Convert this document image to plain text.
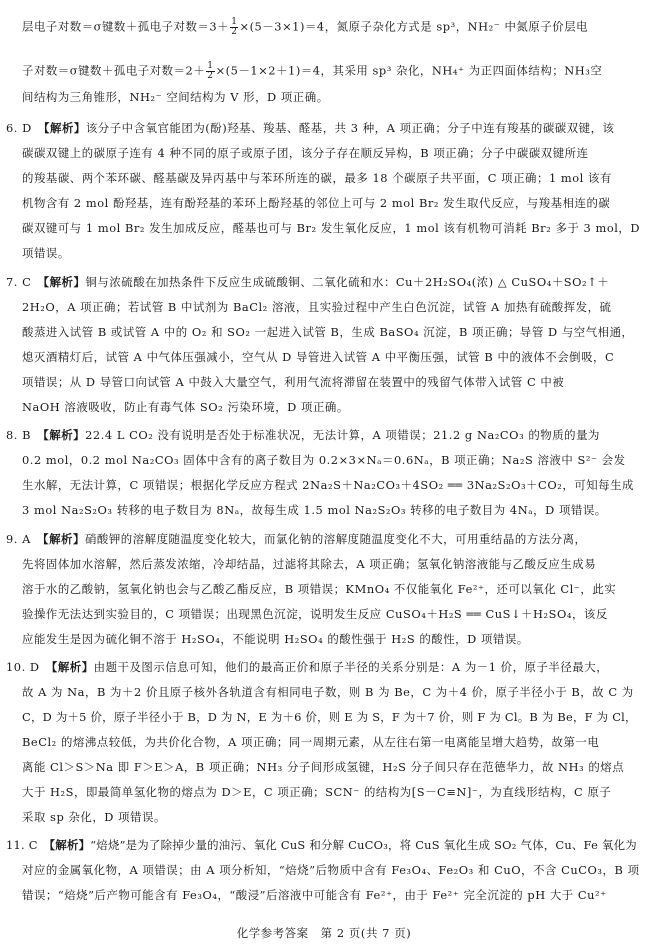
层电子对数＝σ键数＋孤电子对数$=3+ \frac{1}{2} \times(5-3\times 1)=4$，氮原子杂化方式是 sp³，NH₂⁻ 中氮原子价层电
子对数＝σ键数＋孤电子对数$=2+ \frac{1}{2} \times(5-1\times 2+1)=4$，其采用 sp³ 杂化，NH₄⁺ 为正四面体结构；NH₃空
间结构为三角锥形，NH₂⁻ 空间结构为 V 形，D 项正确。
6. D　 【解析】该分子中含氧官能团为(酚)羟基、羧基、醛基，共 3 种，A 项正确；分子中连有羧基的碳碳双键，该
碳碳双键上的碳原子连有 4 种不同的原子或原子团，该分子存在顺反异构，B 项正确；分子中碳碳双键所连
的羧基碳、两个苯环碳、醛基碳及异丙基中与苯环所连的碳，最多 18 个碳原子共平面，C 项正确；1 mol 该有
机物含有 2 mol 酚羟基，连有酚羟基的苯环上酚羟基的邻位上可与 2 mol Br₂ 发生取代反应，与羧基相连的碳
碳双键可与 1 mol Br₂ 发生加成反应，醛基也可与 Br₂ 发生氧化反应，1 mol 该有机物可消耗 Br₂ 多于 3 mol，D
项错误。
7. C　 【解析】铜与浓硫酸在加热条件下反应生成硫酸铜、二氧化硫和水：Cu＋2H₂SO₄(浓) △ CuSO₄＋SO₂↑＋
2H₂O，A 项正确；若试管 B 中试剂为 BaCl₂ 溶液，且实验过程中产生白色沉淀，试管 A 加热有硫酸挥发，硫
酸蒸进入试管 B 或试管 A 中的 O₂ 和 SO₂ 一起进入试管 B，生成 BaSO₄ 沉淀，B 项正确；导管 D 与空气相通，
熄灭酒精灯后，试管 A 中气体压强减小，空气从 D 导管进入试管 A 中平衡压强，试管 B 中的液体不会倒吸，C
项错误；从 D 导管口向试管 A 中鼓入大量空气，利用气流将滞留在装置中的残留气体带入试管 C 中被
NaOH 溶液吸收，防止有毒气体 SO₂ 污染环境，D 项正确。
8. B　 【解析】22.4 L CO₂ 没有说明是否处于标准状况，无法计算，A 项错误；21.2 g Na₂CO₃ 的物质的量为
0.2 mol，0.2 mol Na₂CO₃ 固体中含有的离子数目为 0.2×3×Nₐ＝0.6Nₐ，B 项正确；Na₂S 溶液中 S²⁻ 会发
生水解，无法计算，C 项错误；根据化学反应方程式 2Na₂S＋Na₂CO₃＋4SO₂ ══ 3Na₂S₂O₃＋CO₂，可知每生成
3 mol Na₂S₂O₃ 转移的电子数目为 8Nₐ，故每生成 1.5 mol Na₂S₂O₃ 转移的电子数目为 4Nₐ，D 项错误。
9. A　 【解析】硝酸钾的溶解度随温度变化较大，而氯化钠的溶解度随温度变化不大，可用重结晶的方法分离，
先将固体加水溶解，然后蒸发浓缩，冷却结晶，过滤将其除去，A 项正确；氢氧化钠溶液能与乙酸反应生成易
溶于水的乙酸钠，氢氧化钠也会与乙酸乙酯反应，B 项错误；KMnO₄ 不仅能氧化 Fe²⁺，还可以氧化 Cl⁻，此实
验操作无法达到实验目的，C 项错误；出现黑色沉淀，说明发生反应 CuSO₄＋H₂S ══ CuS↓＋H₂SO₄，该反
应能发生是因为硫化铜不溶于 H₂SO₄，不能说明 H₂SO₄ 的酸性强于 H₂S 的酸性，D 项错误。
10. D　 【解析】由题干及图示信息可知，他们的最高正价和原子半径的关系分别是：A 为－1 价，原子半径最大，
故 A 为 Na，B 为＋2 价且原子核外各轨道含有相同电子数，则 B 为 Be，C 为＋4 价，原子半径小于 B，故 C 为
C，D 为＋5 价，原子半径小于 B，D 为 N，E 为＋6 价，则 E 为 S，F 为＋7 价，则 F 为 Cl。B 为 Be，F 为 Cl，
BeCl₂ 的熔沸点较低，为共价化合物，A 项正确；同一周期元素，从左往右第一电离能呈增大趋势，故第一电
离能 Cl＞S＞Na 即 F＞E＞A，B 项正确；NH₃ 分子间形成氢键，H₂S 分子间只存在范德华力，故 NH₃ 的熔点
大于 H₂S，即最简单氢化物的熔点为 D＞E，C 项正确；SCN⁻ 的结构为[S－C≡N]⁻，为直线形结构，C 原子
采取 sp 杂化，D 项错误。
11. C　 【解析】“焙烧”是为了除掉少量的油污、氧化 CuS 和分解 CuCO₃，将 CuS 氧化生成 SO₂ 气体，Cu、Fe 氧化为
对应的金属氧化物，A 项错误；由 A 项分析知，“焙烧”后物质中含有 Fe₃O₄、Fe₂O₃ 和 CuO，不含 CuCO₃，B 项
错误；“焙烧”后产物可能含有 Fe₃O₄，“酸浸”后溶液中可能含有 Fe²⁺，由于 Fe²⁺ 完全沉淀的 pH 大于 Cu²⁺
化学参考答案　第 2 页(共 7 页)
